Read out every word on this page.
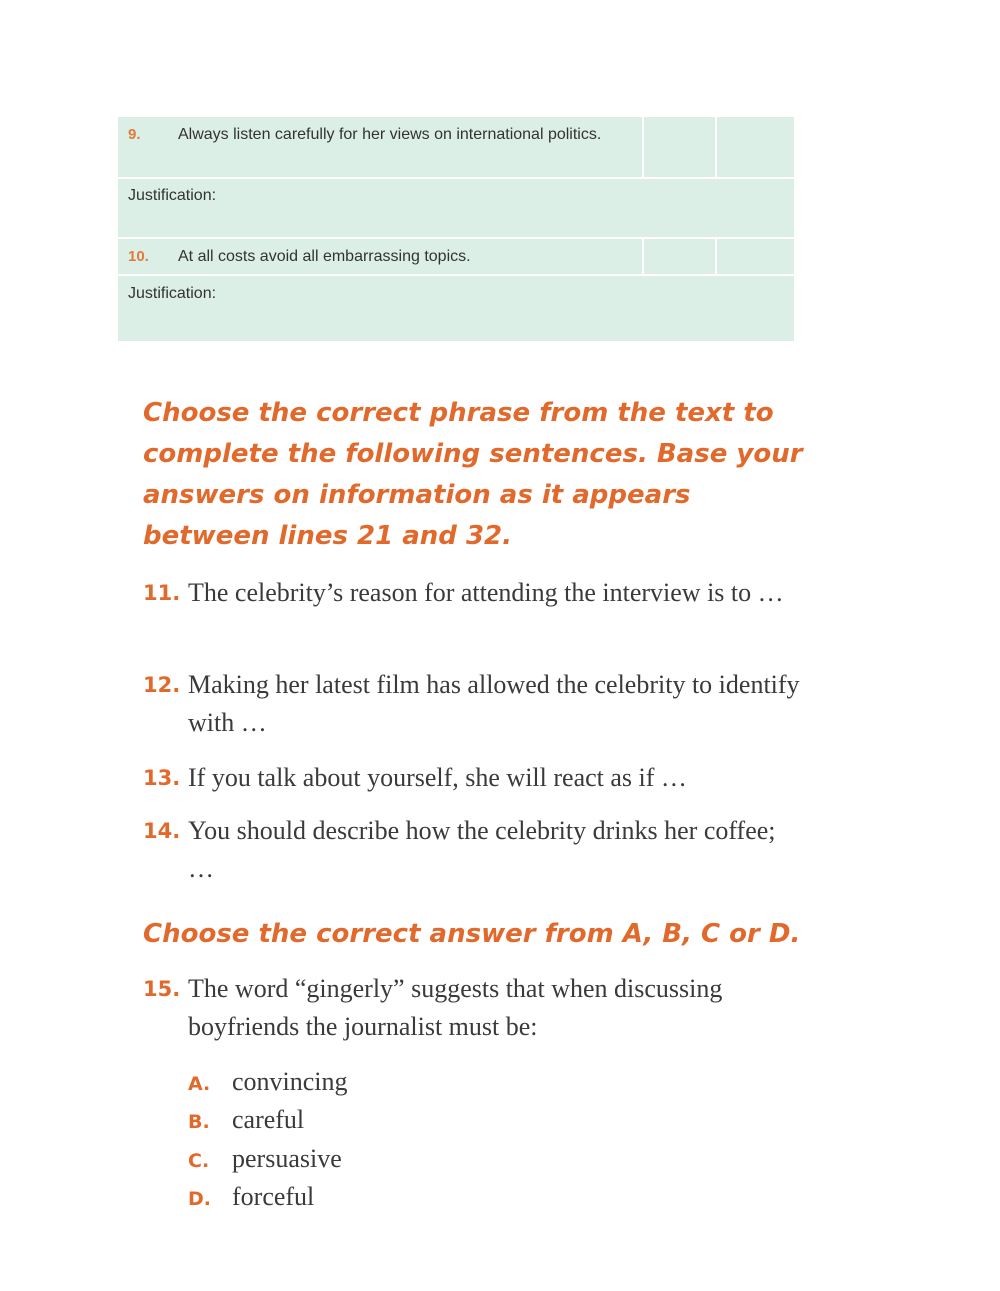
9. Always listen carefully for her views on international politics.
Justification:
10. At all costs avoid all embarrassing topics.
Justification:

Choose the correct phrase from the text to complete the following sentences. Base your answers on information as it appears between lines 21 and 32.

11. The celebrity’s reason for attending the interview is to …
12. Making her latest film has allowed the celebrity to identify with …
13. If you talk about yourself, she will react as if …
14. You should describe how the celebrity drinks her coffee; …

Choose the correct answer from A, B, C or D.

15. The word “gingerly” suggests that when discussing boyfriends the journalist must be:
A. convincing
B. careful
C. persuasive
D. forceful
